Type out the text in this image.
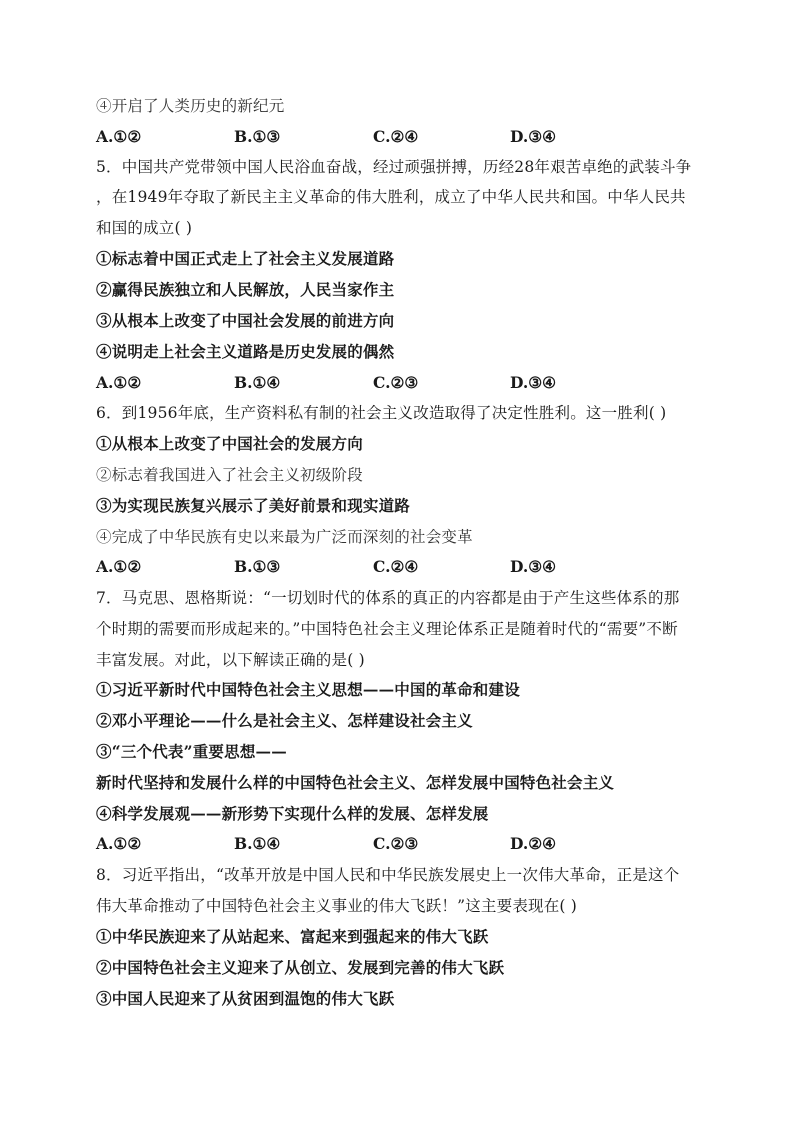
④开启了人类历史的新纪元
A.①②	B.①③	C.②④	D.③④
5．中国共产党带领中国人民浴血奋战，经过顽强拼搏，历经28年艰苦卓绝的武装斗争
，在1949年夺取了新民主主义革命的伟大胜利，成立了中华人民共和国。中华人民共
和国的成立( )
①标志着中国正式走上了社会主义发展道路
②赢得民族独立和人民解放，人民当家作主
③从根本上改变了中国社会发展的前进方向
④说明走上社会主义道路是历史发展的偶然
A.①②	B.①④	C.②③	D.③④
6．到1956年底，生产资料私有制的社会主义改造取得了决定性胜利。这一胜利( )
①从根本上改变了中国社会的发展方向
②标志着我国进入了社会主义初级阶段
③为实现民族复兴展示了美好前景和现实道路
④完成了中华民族有史以来最为广泛而深刻的社会变革
A.①②	B.①③	C.②④	D.③④
7．马克思、恩格斯说：“一切划时代的体系的真正的内容都是由于产生这些体系的那
个时期的需要而形成起来的。”中国特色社会主义理论体系正是随着时代的“需要”不断
丰富发展。对此，以下解读正确的是( )
①习近平新时代中国特色社会主义思想——中国的革命和建设
②邓小平理论——什么是社会主义、怎样建设社会主义
③“三个代表”重要思想——
新时代坚持和发展什么样的中国特色社会主义、怎样发展中国特色社会主义
④科学发展观——新形势下实现什么样的发展、怎样发展
A.①②	B.①④	C.②③	D.②④
8．习近平指出，“改革开放是中国人民和中华民族发展史上一次伟大革命，正是这个
伟大革命推动了中国特色社会主义事业的伟大飞跃！”这主要表现在( )
①中华民族迎来了从站起来、富起来到强起来的伟大飞跃
②中国特色社会主义迎来了从创立、发展到完善的伟大飞跃
③中国人民迎来了从贫困到温饱的伟大飞跃
